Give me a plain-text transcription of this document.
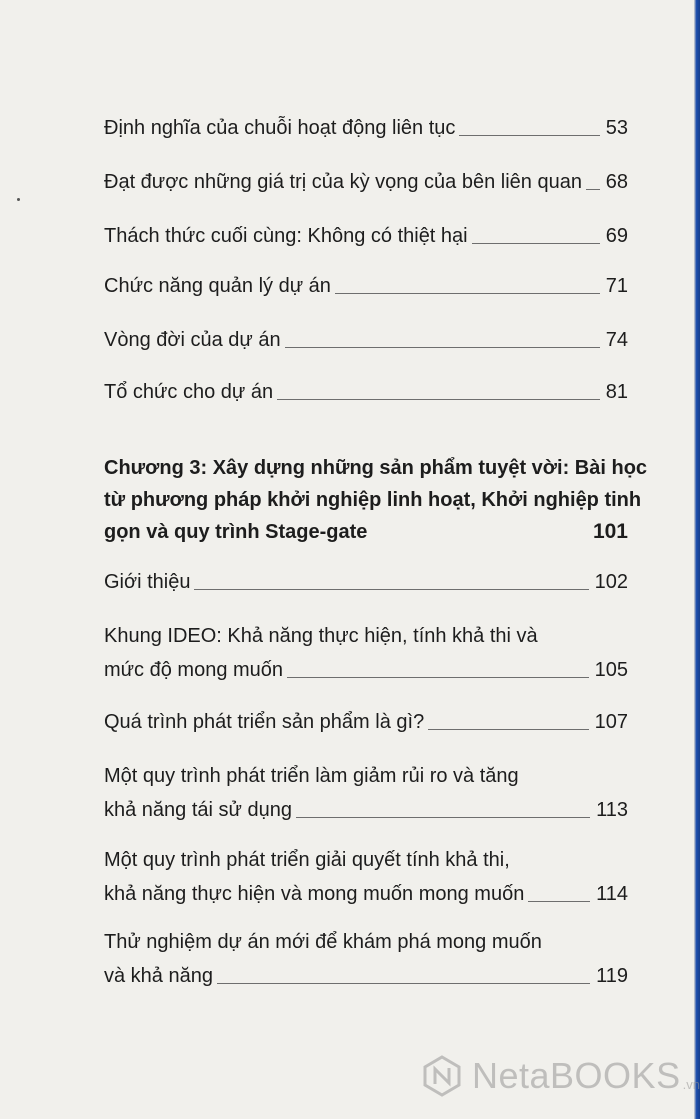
Định nghĩa của chuỗi hoạt động liên tục	53
Đạt được những giá trị của kỳ vọng của bên liên quan 68
Thách thức cuối cùng: Không có thiệt hại	69
Chức năng quản lý dự án	71
Vòng đời của dự án	74
Tổ chức cho dự án	81
Chương 3: Xây dựng những sản phẩm tuyệt vời: Bài học
từ phương pháp khởi nghiệp linh hoạt, Khởi nghiệp tinh
gọn và quy trình Stage-gate	101
Giới thiệu	102
Khung IDEO: Khả năng thực hiện, tính khả thi và
mức độ mong muốn	105
Quá trình phát triển sản phẩm là gì?	107
Một quy trình phát triển làm giảm rủi ro và tăng
khả năng tái sử dụng	113
Một quy trình phát triển giải quyết tính khả thi,
khả năng thực hiện và mong muốn mong muốn	114
Thử nghiệm dự án mới để khám phá mong muốn
và khả năng	119
NetaBOOKS .vn
